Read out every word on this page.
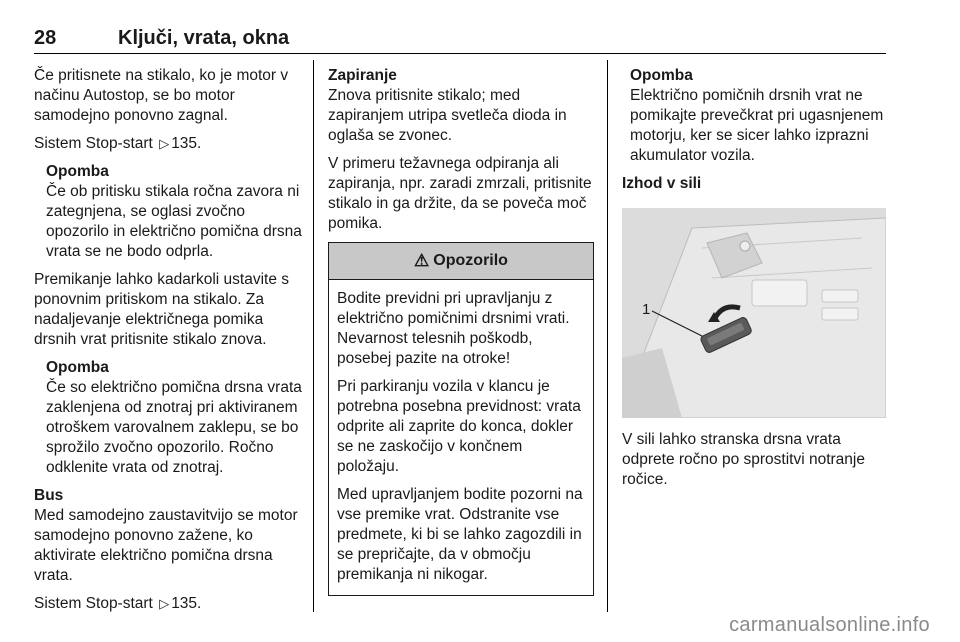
28	Ključi, vrata, okna

Če pritisnete na stikalo, ko je motor v načinu Autostop, se bo motor samodejno ponovno zagnal.

Sistem Stop-start ▷ 135.

Opomba
Če ob pritisku stikala ročna zavora ni zategnjena, se oglasi zvočno opozorilo in električno pomična drsna vrata se ne bodo odprla.

Premikanje lahko kadarkoli ustavite s ponovnim pritiskom na stikalo. Za nadaljevanje električnega pomika drsnih vrat pritisnite stikalo znova.

Opomba
Če so električno pomična drsna vrata zaklenjena od znotraj pri aktiviranem otroškem varovalnem zaklepu, se bo sprožilo zvočno opozorilo. Ročno odklenite vrata od znotraj.
Bus

Med samodejno zaustavitvijo se motor samodejno ponovno zažene, ko aktivirate električno pomična drsna vrata.

Sistem Stop-start ▷ 135.

Zapiranje

Znova pritisnite stikalo; med zapiranjem utripa svetleča dioda in oglaša se zvonec.

V primeru težavnega odpiranja ali zapiranja, npr. zaradi zmrzali, pritisnite stikalo in ga držite, da se poveča moč pomika.

⚠ Opozorilo

Bodite previdni pri upravljanju z električno pomičnimi drsnimi vrati. Nevarnost telesnih poškodb, posebej pazite na otroke!

Pri parkiranju vozila v klancu je potrebna posebna previdnost: vrata odprite ali zaprite do konca, dokler se ne zaskočijo v končnem položaju.

Med upravljanjem bodite pozorni na vse premike vrat. Odstranite vse predmete, ki bi se lahko zagozdili in se prepričajte, da v območju premikanja ni nikogar.

Opomba
Električno pomičnih drsnih vrat ne pomikajte prevečkrat pri ugasnjenem motorju, ker se sicer lahko izprazni akumulator vozila.
Izhod v sili
1

V sili lahko stranska drsna vrata odprete ročno po sprostitvi notranje ročice.

carmanualsonline.info
